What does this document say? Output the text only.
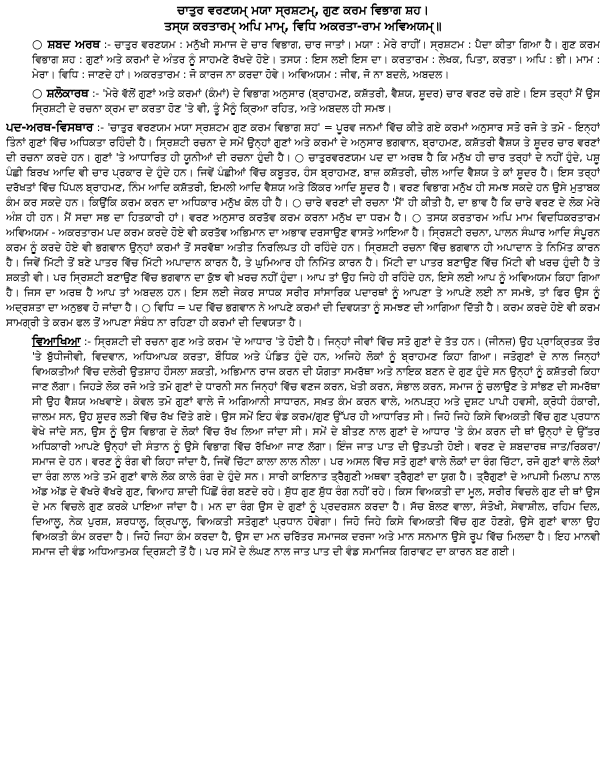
ਚਾਤੁਰ ਵਰਣਯਮ੍ ਮਯਾ ਸ੍ਰਸ਼ਟਮ੍, ਗੁਣ ਕਰਮ ਵਿਭਾਗ ਸ਼ਹ।

ਤਸ੍ਯ ਕਰਤਾਰਮ੍ ਅਪਿ ਮਾਮ੍, ਵਿਧਿ ਅਕਰਤਾ-ਰਾਮ ਅਵਿਅਯਮ੍॥

○ ਸ਼ਬਦ ਅਰਥ :- ਚਾਤੁਰ ਵਰਣਯਮ : ਮਨੁੱਖੀ ਸਮਾਜ ਦੇ ਚਾਰ ਵਿਭਾਗ, ਚਾਰ ਜਾਤਾਂ। ਮਯਾ : ਮੇਰੇ ਰਾਹੀਂ। ਸ੍ਰਸ਼ਟਮ : ਪੈਦਾ ਕੀਤਾ ਗਿਆ ਹੈ। ਗੁਣ ਕਰਮ ਵਿਭਾਗ ਸ਼ਹ : ਗੁਣਾਂ ਅਤੇ ਕਰਮਾਂ ਦੇ ਅੰਤਰ ਨੂੰ ਸਾਹਮਣੇ ਰੱਖਦੇ ਹੋਏ। ਤਸਯ : ਇਸ ਲਈ ਇਸ ਦਾ। ਕਰਤਾਰਮ : ਲੇਖਕ, ਪਿਤਾ, ਕਰਤਾ। ਅਪਿ : ਭੀ। ਮਾਮ : ਮੇਰਾ। ਵਿਧਿ : ਜਾਣਦੇ ਹਾਂ। ਅਕਰਤਾਰਮ : ਜੋ ਕਾਰਜ ਨਾ ਕਰਦਾ ਹੋਵੇ। ਅਵਿਅਯਮ : ਜੀਵ, ਜੋ ਨਾ ਬਦਲੇ, ਅਬਦਲ।

○ ਸ਼ਲੋਕਾਰਥ :- 'ਮੇਰੇ ਵੱਲੋਂ ਗੁਣਾਂ ਅਤੇ ਕਰਮਾਂ (ਕੰਮਾਂ) ਦੇ ਵਿਭਾਗ ਅਨੁਸਾਰ (ਬ੍ਰਾਹਮਣ, ਕਸ਼ੱਤਰੀ, ਵੈਸ਼ਯ, ਸ਼ੂਦਰ) ਚਾਰ ਵਰਣ ਰਚੇ ਗਏ। ਇਸ ਤਰ੍ਹਾਂ ਮੈਂ ਉਸ ਸ੍ਰਿਸ਼ਟੀ ਦੇ ਰਚਨਾ ਕ੍ਰਮ ਦਾ ਕਰਤਾ ਹੋਣ 'ਤੇ ਵੀ, ਤੂੰ ਮੈਨੂੰ ਕ੍ਰਿਆ ਰਹਿਤ, ਅਤੇ ਅਬਦਲ ਹੀ ਸਮਝ।

ਪਦ-ਅਰਥ-ਵਿਸਥਾਰ :- 'ਚਾਤੁਰ ਵਰਣਯਮ ਮਯਾ ਸ੍ਰਸ਼ਟਮ ਗੁਣ ਕਰਮ ਵਿਭਾਗ ਸ਼ਹ' = ਪੂਰਵ ਜਨਮਾਂ ਵਿੱਚ ਕੀਤੇ ਗਏ ਕਰਮਾਂ ਅਨੁਸਾਰ ਸਤੋ ਰਜੋ ਤੇ ਤਮੋ - ਇਨ੍ਹਾਂ ਤਿੰਨਾਂ ਗੁਣਾਂ ਵਿੱਚ ਅਧਿਕਤਾ ਰਹਿੰਦੀ ਹੈ। ਸ੍ਰਿਸ਼ਟੀ ਰਚਨਾ ਦੇ ਸਮੇਂ ਉਨ੍ਹਾਂ ਗੁਣਾਂ ਅਤੇ ਕਰਮਾਂ ਦੇ ਅਨੁਸਾਰ ਭਗਵਾਨ, ਬ੍ਰਾਹਮਣ, ਕਸ਼ੱਤਰੀ ਵੈਸ਼ਯ ਤੇ ਸ਼ੂਦਰ ਚਾਰ ਵਰਣਾਂ ਦੀ ਰਚਨਾ ਕਰਦੇ ਹਨ। ਗੁਣਾਂ 'ਤੇ ਆਧਾਰਿਤ ਹੀ ਯੂਨੀਆਂ ਦੀ ਰਚਨਾ ਹੁੰਦੀ ਹੈ। ○ ਚਾਤੁਰਵਰਣਯਮ ਪਦ ਦਾ ਅਰਥ ਹੈ ਕਿ ਮਨੁੱਖ ਹੀ ਚਾਰ ਤਰ੍ਹਾਂ ਦੇ ਨਹੀਂ ਹੁੰਦੇ, ਪਸ਼ੂ ਪੰਛੀ ਬਿਰਖ ਆਦਿ ਵੀ ਚਾਰ ਪ੍ਰਕਾਰ ਦੇ ਹੁੰਦੇ ਹਨ। ਜਿਵੇਂ ਪੰਛੀਆਂ ਵਿੱਚ ਕਬੂਤਰ, ਹੰਸ ਬ੍ਰਾਹਮਣ, ਬਾਜ਼ ਕਸ਼ੱਤਰੀ, ਚੀਲ ਆਦਿ ਵੈਸ਼ਯ ਤੇ ਕਾਂ ਸ਼ੂਦਰ ਹੈ। ਇਸ ਤਰ੍ਹਾਂ ਦਰੱਖਤਾਂ ਵਿੱਚ ਪਿੱਪਲ ਬ੍ਰਾਹਮਣ, ਨਿੰਮ ਆਦਿ ਕਸ਼ੱਤਰੀ, ਇਮਲੀ ਆਦਿ ਵੈਸ਼ਯ ਅਤੇ ਕਿੱਕਰ ਆਦਿ ਸ਼ੂਦਰ ਹੈ। ਵਰਣ ਵਿਭਾਗ ਮਨੁੱਖ ਹੀ ਸਮਝ ਸਕਦੇ ਹਨ ਉਸੇ ਮੁਤਾਬਕ ਕੰਮ ਕਰ ਸਕਦੇ ਹਨ। ਕਿਉਂਕਿ ਕਰਮ ਕਰਨ ਦਾ ਅਧਿਕਾਰ ਮਨੁੱਖ ਕੋਲ ਹੀ ਹੈ। ○ ਚਾਰੇ ਵਰਣਾਂ ਦੀ ਰਚਨਾ 'ਮੈਂ' ਹੀ ਕੀਤੀ ਹੈ, ਦਾ ਭਾਵ ਹੈ ਕਿ ਚਾਰੇ ਵਰਣ ਦੇ ਲੋਕ ਮੇਰੇ ਅੰਸ਼ ਹੀ ਹਨ। ਮੈਂ ਸਦਾ ਸਭ ਦਾ ਹਿਤਕਾਰੀ ਹਾਂ। ਵਰਣ ਅਨੁਸਾਰ ਕਰਤੱਵ ਕਰਮ ਕਰਨਾ ਮਨੁੱਖ ਦਾ ਧਰਮ ਹੈ। ○ ਤਸਯ ਕਰਤਾਰਮ ਅਪਿ ਮਾਮ ਵਿਦਧਿਕਰਤਾਰਮ ਅਵਿਅਯਮ - ਅਕਰਤਾਰਮ ਪਦ ਕਰਮ ਕਰਦੇ ਹੋਏ ਵੀ ਕਰਤੱਵ ਅਭਿਮਾਨ ਦਾ ਅਭਾਵ ਦਰਸਾਉਣ ਵਾਸਤੇ ਆਇਆ ਹੈ। ਸ੍ਰਿਸ਼ਟੀ ਰਚਨਾ, ਪਾਲਨ ਸੰਘਾਰ ਆਦਿ ਸੰਪੂਰਨ ਕਰਮ ਨੂੰ ਕਰਦੇ ਹੋਏ ਵੀ ਭਗਵਾਨ ਉਨ੍ਹਾਂ ਕਰਮਾਂ ਤੋਂ ਸਰਵੱਥਾ ਅਤੀਤ ਨਿਰਲਿਪਤ ਹੀ ਰਹਿੰਦੇ ਹਨ। ਸ੍ਰਿਸ਼ਟੀ ਰਚਨਾ ਵਿੱਚ ਭਗਵਾਨ ਹੀ ਅਪਾਦਾਨ ਤੇ ਨਿਮਿੱਤ ਕਾਰਨ ਹੈ। ਜਿਵੇਂ ਮਿੱਟੀ ਤੋਂ ਬਣੇ ਪਾਤਰ ਵਿੱਚ ਮਿੱਟੀ ਅਪਾਦਾਨ ਕਾਰਨ ਹੈ, ਤੇ ਘੁਮਿਆਰ ਹੀ ਨਿਮਿੱਤ ਕਾਰਨ ਹੈ। ਮਿੱਟੀ ਦਾ ਪਾਤਰ ਬਣਾਉਣ ਵਿੱਚ ਮਿੱਟੀ ਵੀ ਖਰਚ ਹੁੰਦੀ ਹੈ ਤੇ ਸ਼ਕਤੀ ਵੀ। ਪਰ ਸ੍ਰਿਸ਼ਟੀ ਬਣਾਉਣ ਵਿੱਚ ਭਗਵਾਨ ਦਾ ਕੁੱਝ ਵੀ ਖ਼ਰਚ ਨਹੀਂ ਹੁੰਦਾ। ਆਪ ਤਾਂ ਉਹ ਜਿਹੇ ਹੀ ਰਹਿੰਦੇ ਹਨ, ਇਸੇ ਲਈ ਆਪ ਨੂੰ ਅਵਿਅਯਮ ਕਿਹਾ ਗਿਆ ਹੈ। ਜਿਸ ਦਾ ਅਰਥ ਹੈ ਆਪ ਤਾਂ ਅਬਦਲ ਹਨ। ਇਸ ਲਈ ਜੇਕਰ ਸਾਧਕ ਸਰੀਰ ਸਾਂਸਾਰਿਕ ਪਦਾਰਥਾਂ ਨੂੰ ਆਪਣਾ ਤੇ ਆਪਣੇ ਲਈ ਨਾ ਸਮਝੇ, ਤਾਂ ਫਿਰ ਉਸ ਨੂੰ ਅਦ੍ਰਸ਼ਤਾ ਦਾ ਅਨੁਭਵ ਹੋ ਜਾਂਦਾ ਹੈ। ○ ਵਿਧਿ = ਪਦ ਵਿੱਚ ਭਗਵਾਨ ਨੇ ਆਪਣੇ ਕਰਮਾਂ ਦੀ ਦਿਵਯਤਾ ਨੂੰ ਸਮਝਣ ਦੀ ਆਗਿਆ ਦਿੱਤੀ ਹੈ। ਕਰਮ ਕਰਦੇ ਹੋਏ ਵੀ ਕਰਮ ਸਾਮਗ੍ਰੀ ਤੇ ਕਰਮ ਫਲ ਤੋਂ ਆਪਣਾ ਸੰਬੰਧ ਨਾ ਰਹਿਣਾ ਹੀ ਕਰਮਾਂ ਦੀ ਦਿਵਯਤਾ ਹੈ।

ਵਿਆਖਿਆ :- ਸ੍ਰਿਸ਼ਟੀ ਦੀ ਰਚਨਾ ਗੁਣ ਅਤੇ ਕਰਮ 'ਦੇ ਆਧਾਰ 'ਤੇ ਹੋਈ ਹੈ। ਜਿਨ੍ਹਾਂ ਜੀਵਾਂ ਵਿੱਚ ਸਤੋ ਗੁਣਾਂ ਦੇ ਤੱਤ ਹਨ। (ਜੀਨਜ਼) ਉਹ ਪ੍ਰਾਕ੍ਰਿਤਕ ਤੌਰ 'ਤੇ ਬੁੱਧੀਜੀਵੀ, ਵਿਦਵਾਨ, ਅਧਿਆਪਕ ਕਰਤਾ, ਬੌਧਿਕ ਅਤੇ ਪੰਡਿਤ ਹੁੰਦੇ ਹਨ, ਅਜਿਹੇ ਲੋਕਾਂ ਨੂੰ ਬ੍ਰਾਹਮਣ ਕਿਹਾ ਗਿਆ। ਜਤੋਗੁਣਾਂ ਦੇ ਨਾਲ ਜਿਨ੍ਹਾਂ ਵਿਅਕਤੀਆਂ ਵਿੱਚ ਦਲੇਰੀ ਉਤਸ਼ਾਹ ਹੌਸਲਾ ਸ਼ਕਤੀ, ਅਭਿਮਾਨ ਰਾਜ ਕਰਨ ਦੀ ਯੋਗਤਾ ਸਮਰੱਥਾ ਅਤੇ ਨਾਇਕ ਬਣਨ ਦੇ ਗੁਣ ਹੁੰਦੇ ਸਨ ਉਨ੍ਹਾਂ ਨੂੰ ਕਸ਼ੱਤਰੀ ਕਿਹਾ ਜਾਣ ਲੱਗਾ। ਜਿਹੜੇ ਲੋਕ ਰਜੋ ਅਤੇ ਤਮੋ ਗੁਣਾਂ ਦੇ ਧਾਰਨੀ ਸਨ ਜਿਨ੍ਹਾਂ ਵਿੱਚ ਵਣਜ ਕਰਨ, ਖੇਤੀ ਕਰਨ, ਸੰਭਾਲ ਕਰਨ, ਸਮਾਜ ਨੂੰ ਚਲਾਉਣ ਤੇ ਸਾਂਭਣ ਦੀ ਸਮਰੱਥਾ ਸੀ ਉਹ ਵੈਸ਼ਯ ਅਖਵਾਏ। ਕੇਵਲ ਤਮੋ ਗੁਣਾਂ ਵਾਲੇ ਜੋ ਅਗਿਆਨੀ ਸਾਧਾਰਨ, ਸਖ਼ਤ ਕੰਮ ਕਰਨ ਵਾਲੇ, ਅਨਪੜ੍ਹ ਅਤੇ ਦੁਸ਼ਟ ਪਾਪੀ ਹਵਸੀ, ਕ੍ਰੋਧੀ ਹੰਕਾਰੀ, ਜ਼ਾਲਮ ਸਨ, ਉਹ ਸ਼ੂਦਰ ਲੜੀ ਵਿੱਚ ਰੱਖ ਦਿੱਤੇ ਗਏ। ਉਸ ਸਮੇਂ ਇਹ ਵੰਡ ਕਰਮ/ਗੁਣ ਉੱਪਰ ਹੀ ਆਧਾਰਿਤ ਸੀ। ਜਿਹੋ ਜਿਹੇ ਕਿਸੇ ਵਿਅਕਤੀ ਵਿੱਚ ਗੁਣ ਪ੍ਰਧਾਨ ਵੇਖੇ ਜਾਂਦੇ ਸਨ, ਉਸ ਨੂੰ ਉਸ ਵਿਭਾਗ ਦੇ ਲੋਕਾਂ ਵਿੱਚ ਰੱਖ ਲਿਆ ਜਾਂਦਾ ਸੀ। ਸਮੇਂ ਦੇ ਬੀਤਣ ਨਾਲ ਗੁਣਾਂ ਦੇ ਆਧਾਰ 'ਤੇ ਕੰਮ ਕਰਨ ਦੀ ਥਾਂ ਉਨ੍ਹਾਂ ਦੇ ਉੱਤਰ ਅਧਿਕਾਰੀ ਆਪਣੇ ਉਨ੍ਹਾਂ ਦੀ ਸੰਤਾਨ ਨੂੰ ਉਸੇ ਵਿਭਾਗ ਵਿੱਚ ਰੱਖਿਆ ਜਾਣ ਲੱਗਾ। ਇੰਜ ਜਾਤ ਪਾਤ ਦੀ ਉਤਪਤੀ ਹੋਈ। ਵਰਣ ਦੇ ਸ਼ਬਦਾਰਥ ਜਾਤ/ਰਿਕਰਾ/ਸਮਾਜ ਦੇ ਹਨ। ਵਰਣ ਨੂੰ ਰੰਗ ਵੀ ਕਿਹਾ ਜਾਂਦਾ ਹੈ, ਜਿਵੇਂ ਚਿੱਟਾ ਕਾਲਾ ਲਾਲ ਨੀਲਾ। ਪਰ ਅਸਲ ਵਿੱਚ ਸਤੋ ਗੁਣਾਂ ਵਾਲੇ ਲੋਕਾਂ ਦਾ ਰੰਗ ਚਿੱਟਾ, ਰਜੋ ਗੁਣਾਂ ਵਾਲੇ ਲੋਕਾਂ ਦਾ ਰੰਗ ਲਾਲ ਅਤੇ ਤਮੋ ਗੁਣਾਂ ਵਾਲੇ ਲੋਕ ਕਾਲੇ ਰੰਗ ਦੇ ਹੁੰਦੇ ਸਨ। ਸਾਰੀ ਕਾਇਨਾਤ ਤ੍ਰੈਗੁਣੀ ਅਥਵਾ ਤ੍ਰੈਗੁਣਾਂ ਦਾ ਯੁਗ ਹੈ। ਤ੍ਰੈਗੁਣਾਂ ਦੇ ਆਪਸੀ ਮਿਲਾਪ ਨਾਲ ਅੱਡ ਅੱਡ ਦੇ ਵੱਖਰੇ ਵੱਖਰੇ ਗੁਣ, ਵਿਆਹ ਸ਼ਾਦੀ ਪਿੱਛੋਂ ਰੰਗ ਬਣਦੇ ਰਹੇ। ਸ਼ੁੱਧ ਗੁਣ ਸ਼ੁੱਧ ਰੰਗ ਨਹੀਂ ਰਹੇ। ਕਿਸ ਵਿਅਕਤੀ ਦਾ ਮੂਲ, ਸਰੀਰ ਵਿਚਲੇ ਗੁਣ ਦੀ ਥਾਂ ਉਸ ਦੇ ਮਨ ਵਿਚਲੇ ਗੁਣ ਕਰਕੇ ਪਾਇਆ ਜਾਂਦਾ ਹੈ। ਮਨ ਦਾ ਰੰਗ ਉਸ ਦੇ ਗੁਣਾਂ ਨੂੰ ਪ੍ਰਦਰਸ਼ਨ ਕਰਦਾ ਹੈ। ਸੱਚ ਬੋਲਣ ਵਾਲਾ, ਸੰਤੋਖੀ, ਸੇਵਾਸ਼ੀਲ, ਰਹਿਮ ਦਿਲ, ਦਿਆਲੂ, ਨੇਕ ਪੁਰਸ਼, ਸ਼ਰਧਾਲੂ, ਕ੍ਰਿਪਾਲੂ, ਵਿਅਕਤੀ ਸਤੋਗੁਣਾਂ ਪ੍ਰਧਾਨ ਹੋਵੇਗਾ। ਜਿਹੋ ਜਿਹੇ ਕਿਸੇ ਵਿਅਕਤੀ ਵਿੱਚ ਗੁਣ ਹੋਣਗੇ, ਉਸੇ ਗੁਣਾਂ ਵਾਲਾ ਉਹ ਵਿਅਕਤੀ ਕੰਮ ਕਰਦਾ ਹੈ। ਜਿਹੋ ਜਿਹਾ ਕੰਮ ਕਰਦਾ ਹੈ, ਉਸ ਦਾ ਮਨ ਚਰਿੱਤਰ ਸਮਾਜਕ ਦਰਜਾ ਅਤੇ ਮਾਨ ਸਨਮਾਨ ਉਸੇ ਰੂਪ ਵਿੱਚ ਮਿਲਦਾ ਹੈ। ਇਹ ਮਾਨਵੀ ਸਮਾਜ ਦੀ ਵੰਡ ਅਧਿਆਤਮਕ ਦ੍ਰਿਸ਼ਟੀ ਤੋਂ ਹੈ। ਪਰ ਸਮੇਂ ਦੇ ਲੰਘਣ ਨਾਲ ਜਾਤ ਪਾਤ ਦੀ ਵੰਡ ਸਮਾਜਿਕ ਗਿਰਾਵਟ ਦਾ ਕਾਰਨ ਬਣ ਗਈ।
